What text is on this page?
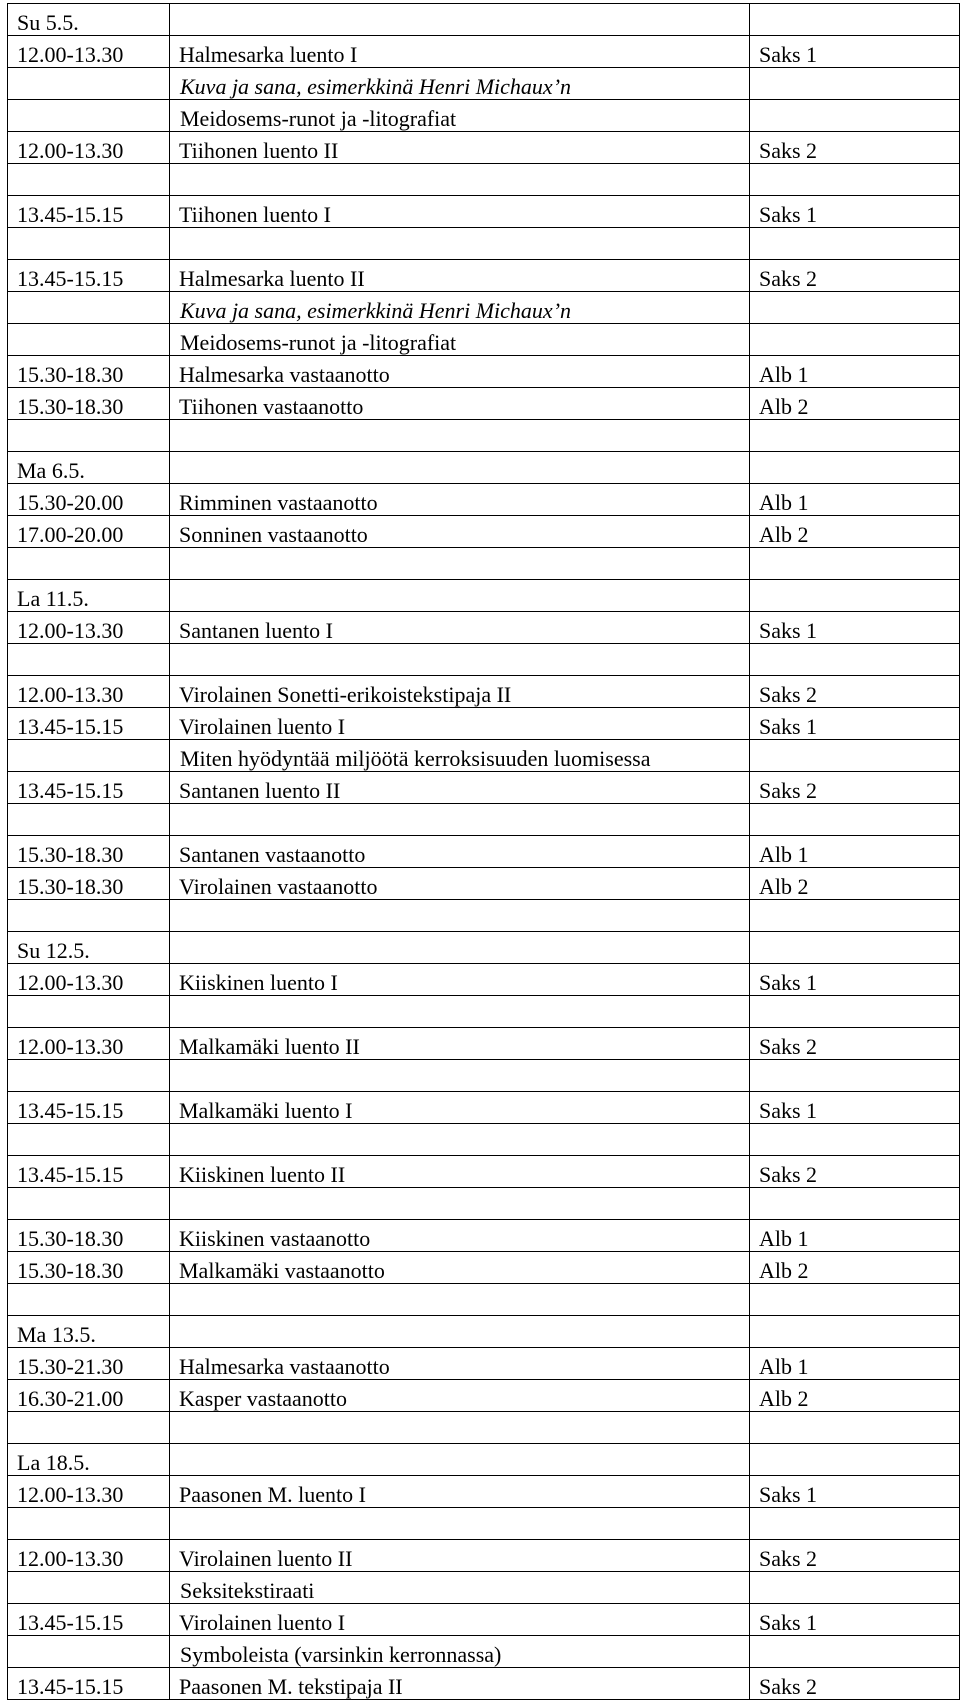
Su 5.5.		
12.00-13.30	Halmesarka luento I	Saks 1
	Kuva ja sana, esimerkkinä Henri Michaux’n	
	Meidosems-runot ja -litografiat	
12.00-13.30	Tiihonen luento II	Saks 2

13.45-15.15	Tiihonen luento I	Saks 1

13.45-15.15	Halmesarka luento II	Saks 2
	Kuva ja sana, esimerkkinä Henri Michaux’n	
	Meidosems-runot ja -litografiat	
15.30-18.30	Halmesarka vastaanotto	Alb 1
15.30-18.30	Tiihonen vastaanotto	Alb 2

Ma 6.5.		
15.30-20.00	Rimminen vastaanotto	Alb 1
17.00-20.00	Sonninen vastaanotto	Alb 2

La 11.5.		
12.00-13.30	Santanen luento I	Saks 1

12.00-13.30	Virolainen Sonetti-erikoistekstipaja II	Saks 2
13.45-15.15	Virolainen luento I	Saks 1
	Miten hyödyntää miljöötä kerroksisuuden luomisessa	
13.45-15.15	Santanen luento II	Saks 2

15.30-18.30	Santanen vastaanotto	Alb 1
15.30-18.30	Virolainen vastaanotto	Alb 2

Su 12.5.		
12.00-13.30	Kiiskinen luento I	Saks 1

12.00-13.30	Malkamäki luento II	Saks 2

13.45-15.15	Malkamäki luento I	Saks 1

13.45-15.15	Kiiskinen luento II	Saks 2

15.30-18.30	Kiiskinen vastaanotto	Alb 1
15.30-18.30	Malkamäki vastaanotto	Alb 2

Ma 13.5.		
15.30-21.30	Halmesarka vastaanotto	Alb 1
16.30-21.00	Kasper vastaanotto	Alb 2

La 18.5.		
12.00-13.30	Paasonen M. luento I	Saks 1

12.00-13.30	Virolainen luento II	Saks 2
	Seksitekstiraati	
13.45-15.15	Virolainen luento I	Saks 1
	Symboleista (varsinkin kerronnassa)	
13.45-15.15	Paasonen M. tekstipaja II	Saks 2
